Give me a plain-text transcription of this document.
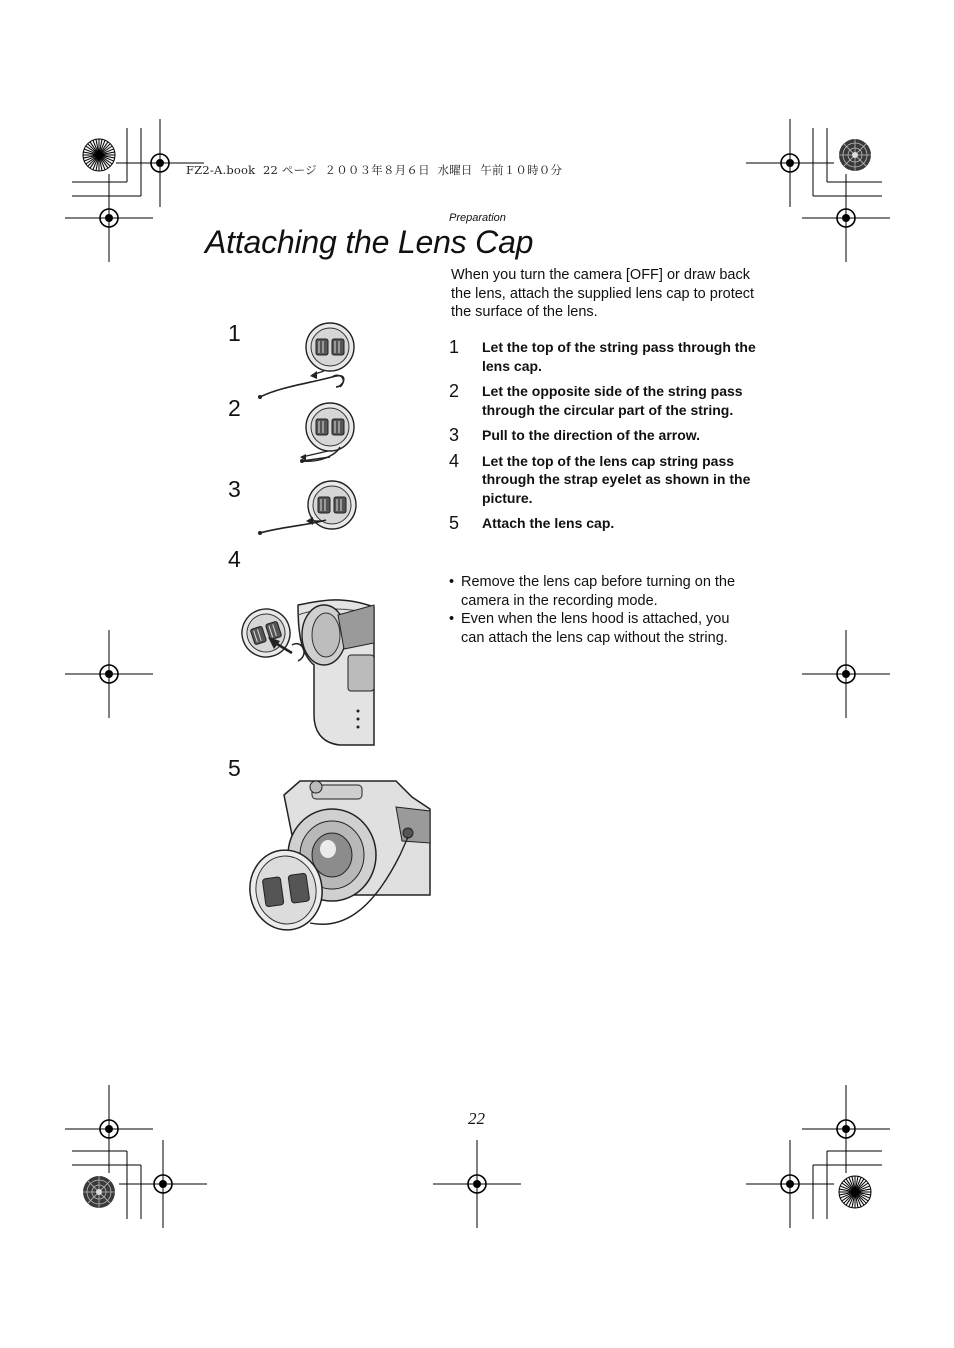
FZ2-A.book  22 ページ  ２００３年８月６日  水曜日  午前１０時０分
Preparation
Attaching the Lens Cap

When you turn the camera [OFF] or draw back the lens, attach the supplied lens cap to protect the surface of the lens.

1	Let the top of the string pass through the lens cap.
2	Let the opposite side of the string pass through the circular part of the string.
3	Pull to the direction of the arrow.
4	Let the top of the lens cap string pass through the strap eyelet as shown in the picture.
5	Attach the lens cap.
• Remove the lens cap before turning on the camera in the recording mode.
• Even when the lens hood is attached, you can attach the lens cap without the string.
1
2
3
4
5
22
